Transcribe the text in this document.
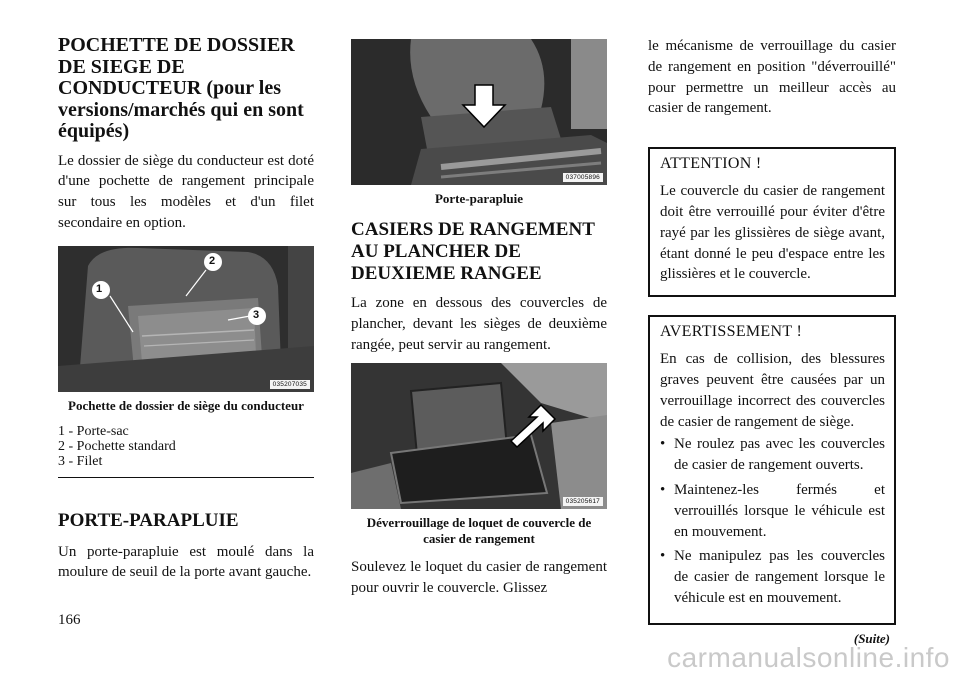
POCHETTE DE DOSSIER DE SIEGE DE CONDUCTEUR (pour les versions/marchés qui en sont équipés)

Le dossier de siège du conducteur est doté d'une pochette de rangement principale sur tous les modèles et d'un filet secondaire en option.

1
2
3
035207035
Pochette de dossier de siège du conducteur
1 - Porte-sac
2 - Pochette standard
3 - Filet
PORTE-PARAPLUIE

Un porte-parapluie est moulé dans la moulure de seuil de la porte avant gauche.

037005896
Porte-parapluie
CASIERS DE RANGEMENT AU PLANCHER DE DEUXIEME RANGEE

La zone en dessous des couvercles de plancher, devant les sièges de deuxième rangée, peut servir au rangement.

035205617
Déverrouillage de loquet de couvercle de casier de rangement

Soulevez le loquet du casier de rangement pour ouvrir le couvercle. Glissez

le mécanisme de verrouillage du casier de rangement en position "déverrouillé" pour permettre un meilleur accès au casier de rangement.

ATTENTION !

Le couvercle du casier de rangement doit être verrouillé pour éviter d'être rayé par les glissières de siège avant, étant donné le peu d'espace entre les glissières et le couvercle.

AVERTISSEMENT !

En cas de collision, des blessures graves peuvent être causées par un verrouillage incorrect des couvercles de casier de rangement de siège.

• Ne roulez pas avec les couvercles de casier de rangement ouverts.
• Maintenez-les fermés et verrouillés lorsque le véhicule est en mouvement.
• Ne manipulez pas les couvercles de casier de rangement lorsque le véhicule est en mouvement.
(Suite)
166
carmanualsonline.info
